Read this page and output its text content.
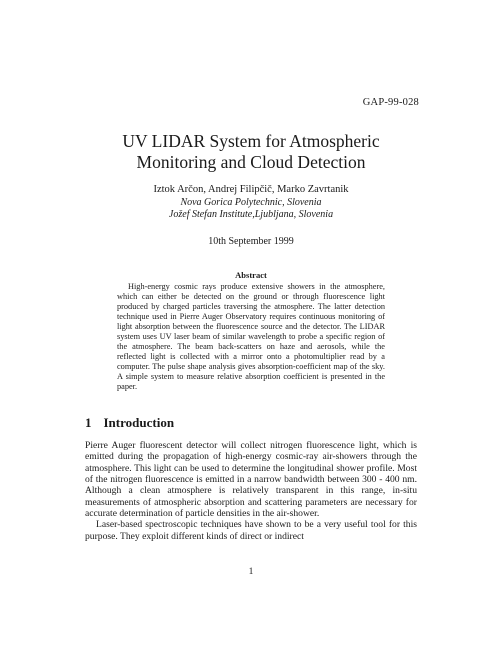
GAP-99-028
UV LIDAR System for Atmospheric
Monitoring and Cloud Detection
Iztok Arčon, Andrej Filipčič, Marko Zavrtanik
Nova Gorica Polytechnic, Slovenia
Jožef Stefan Institute,Ljubljana, Slovenia
10th September 1999
Abstract
High-energy cosmic rays produce extensive showers in the atmosphere, which can either be detected on the ground or through fluorescence light produced by charged particles traversing the atmosphere. The latter detection technique used in Pierre Auger Observatory requires continuous monitoring of light absorption between the fluorescence source and the detector. The LIDAR system uses UV laser beam of similar wavelength to probe a specific region of the atmosphere. The beam back-scatters on haze and aerosols, while the reflected light is collected with a mirror onto a photomultiplier read by a computer. The pulse shape analysis gives absorption-coefficient map of the sky. A simple system to measure relative absorption coefficient is presented in the paper.
1 Introduction

Pierre Auger fluorescent detector will collect nitrogen fluorescence light, which is emitted during the propagation of high-energy cosmic-ray air-showers through the atmosphere. This light can be used to determine the longitudinal shower profile. Most of the nitrogen fluorescence is emitted in a narrow bandwidth between 300 - 400 nm. Although a clean atmosphere is relatively transparent in this range, in-situ measurements of atmospheric absorption and scattering parameters are necessary for accurate determination of particle densities in the air-shower.

Laser-based spectroscopic techniques have shown to be a very useful tool for this purpose. They exploit different kinds of direct or indirect

1
